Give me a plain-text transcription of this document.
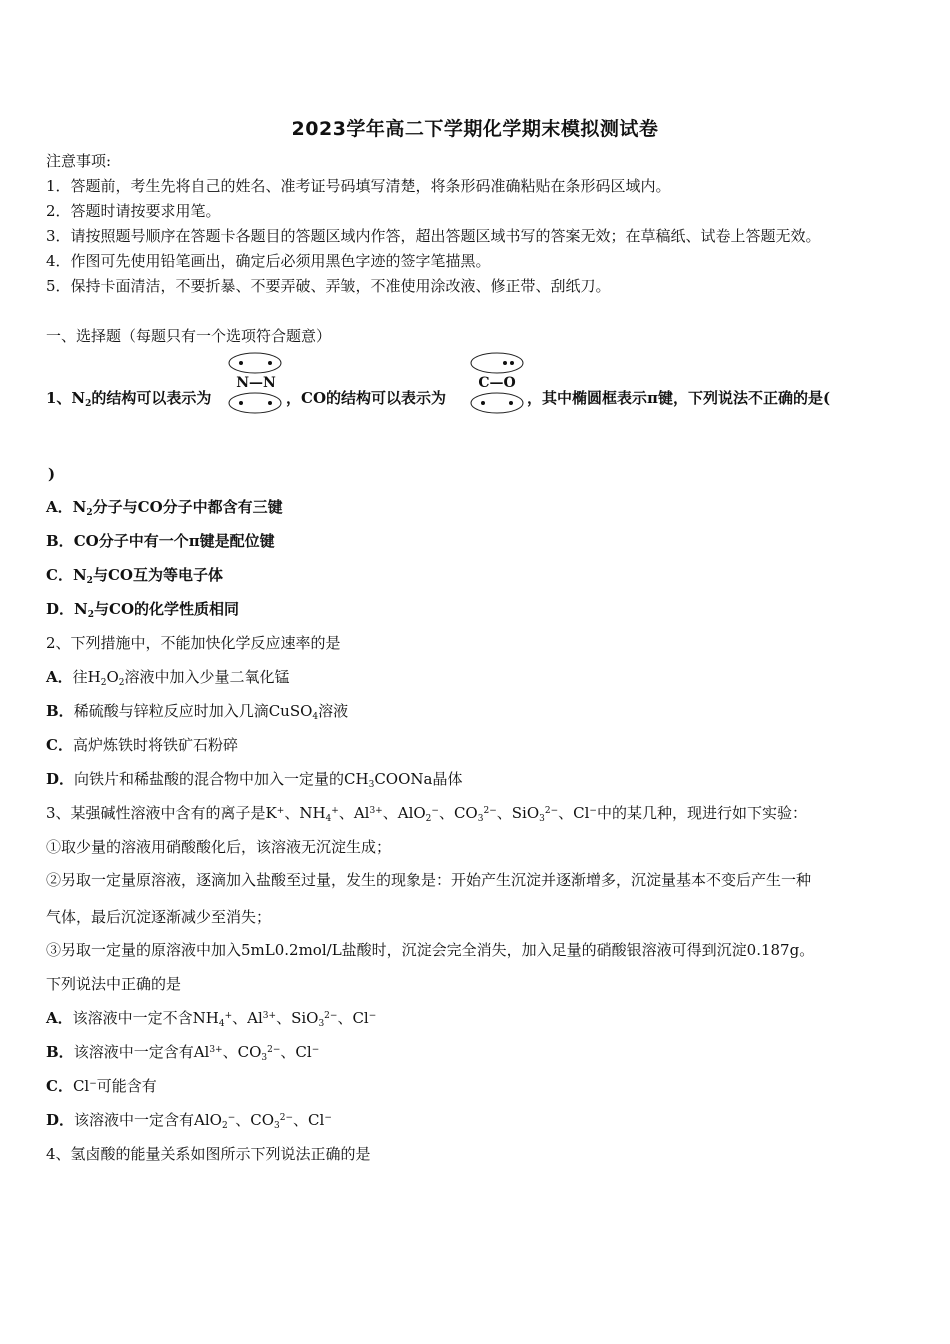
2023学年高二下学期化学期末模拟测试卷
注意事项:
1．答题前，考生先将自己的姓名、准考证号码填写清楚，将条形码准确粘贴在条形码区域内。
2．答题时请按要求用笔。
3．请按照题号顺序在答题卡各题目的答题区域内作答，超出答题区域书写的答案无效；在草稿纸、试卷上答题无效。
4．作图可先使用铅笔画出，确定后必须用黑色字迹的签字笔描黑。
5．保持卡面清洁，不要折暴、不要弄破、弄皱，不准使用涂改液、修正带、刮纸刀。
一、选择题（每题只有一个选项符合题意）
1、$N_2$的结构可以表示为
N—N
，CO的结构可以表示为
C—O
，其中椭圆框表示π键，下列说法不正确的是(
)
A．$N_2$分子与CO分子中都含有三键
B．CO分子中有一个π键是配位键
C．$N_2$与CO互为等电子体
D．$N_2$与CO的化学性质相同
2、下列措施中，不能加快化学反应速率的是
A．往$H_2O_2$溶液中加入少量二氧化锰
B．稀硫酸与锌粒反应时加入几滴CuSO$_4$溶液
C．高炉炼铁时将铁矿石粉碎
D．向铁片和稀盐酸的混合物中加入一定量的$CH_3COONa$晶体
3、某强碱性溶液中含有的离子是K+、$NH_4^+$、$Al^{3+}$、AlO$_2$−、$CO_3^{2-}$、SiO$_3^{2-}$、Cl−中的某几种，现进行如下实验：
①取少量的溶液用硝酸酸化后，该溶液无沉淀生成；
②另取一定量原溶液，逐滴加入盐酸至过量，发生的现象是：开始产生沉淀并逐渐增多，沉淀量基本不变后产生一种
气体，最后沉淀逐渐减少至消失；
③另取一定量的原溶液中加入5mL0.2mol/L盐酸时，沉淀会完全消失，加入足量的硝酸银溶液可得到沉淀0.187g。
下列说法中正确的是
A．该溶液中一定不含$NH_4^+$、$Al^{3+}$、SiO$_3^{2-}$、Cl−
B．该溶液中一定含有$Al^{3+}$、$CO_3^{2-}$、Cl−
C．Cl−可能含有
D．该溶液中一定含有AlO$_2$−、$CO_3^{2-}$、Cl−
4、氢卤酸的能量关系如图所示下列说法正确的是
